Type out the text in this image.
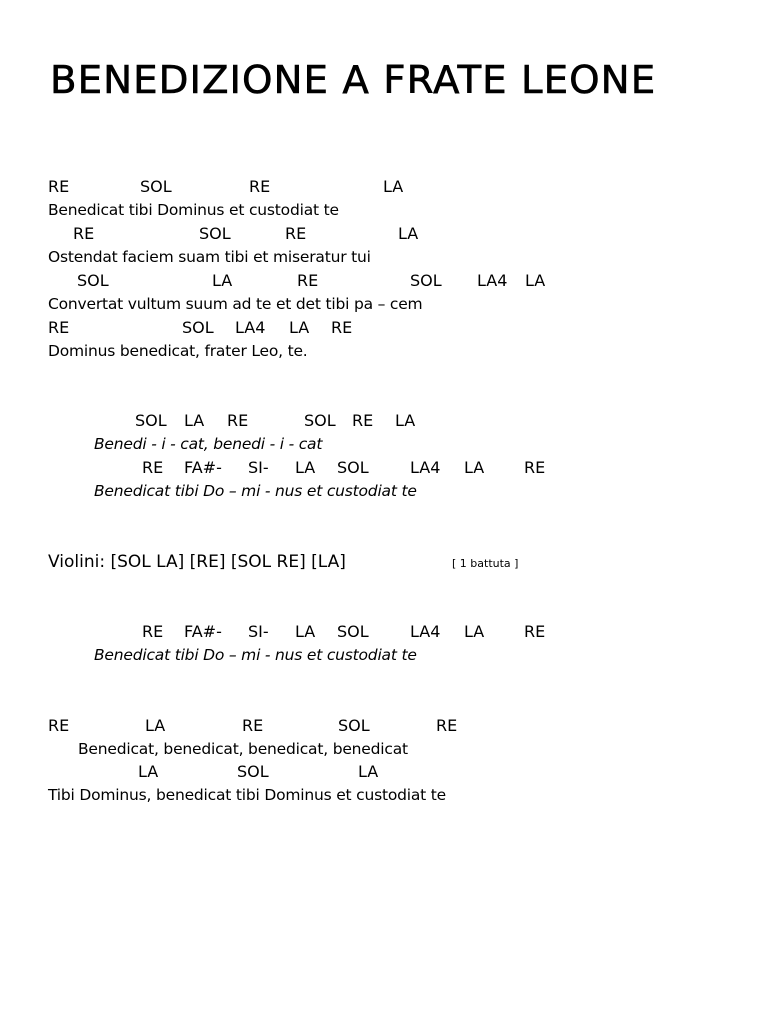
BENEDIZIONE A FRATE LEONE
RE	SOL	RE	LA
Benedicat tibi Dominus et custodiat te
RE	SOL	RE	LA
Ostendat faciem suam tibi et miseratur tui
SOL	LA	RE	SOL LA4 LA
Convertat vultum suum ad te et det tibi pa – cem
RE	SOL LA4 LA RE
Dominus benedicat, frater Leo, te.
SOL LA RE	SOL RE LA
Benedi - i - cat, benedi - i - cat
RE FA#- SI- LA SOL	LA4 LA RE
Benedicat tibi Do – mi - nus et custodiat te
Violini: [SOL LA] [RE] [SOL RE] [LA]	[ 1 battuta ]
RE FA#- SI- LA SOL	LA4 LA RE
Benedicat tibi Do – mi - nus et custodiat te
RE	LA	RE	SOL	RE
Benedicat, benedicat, benedicat, benedicat
LA	SOL	LA
Tibi Dominus, benedicat tibi Dominus et custodiat te
